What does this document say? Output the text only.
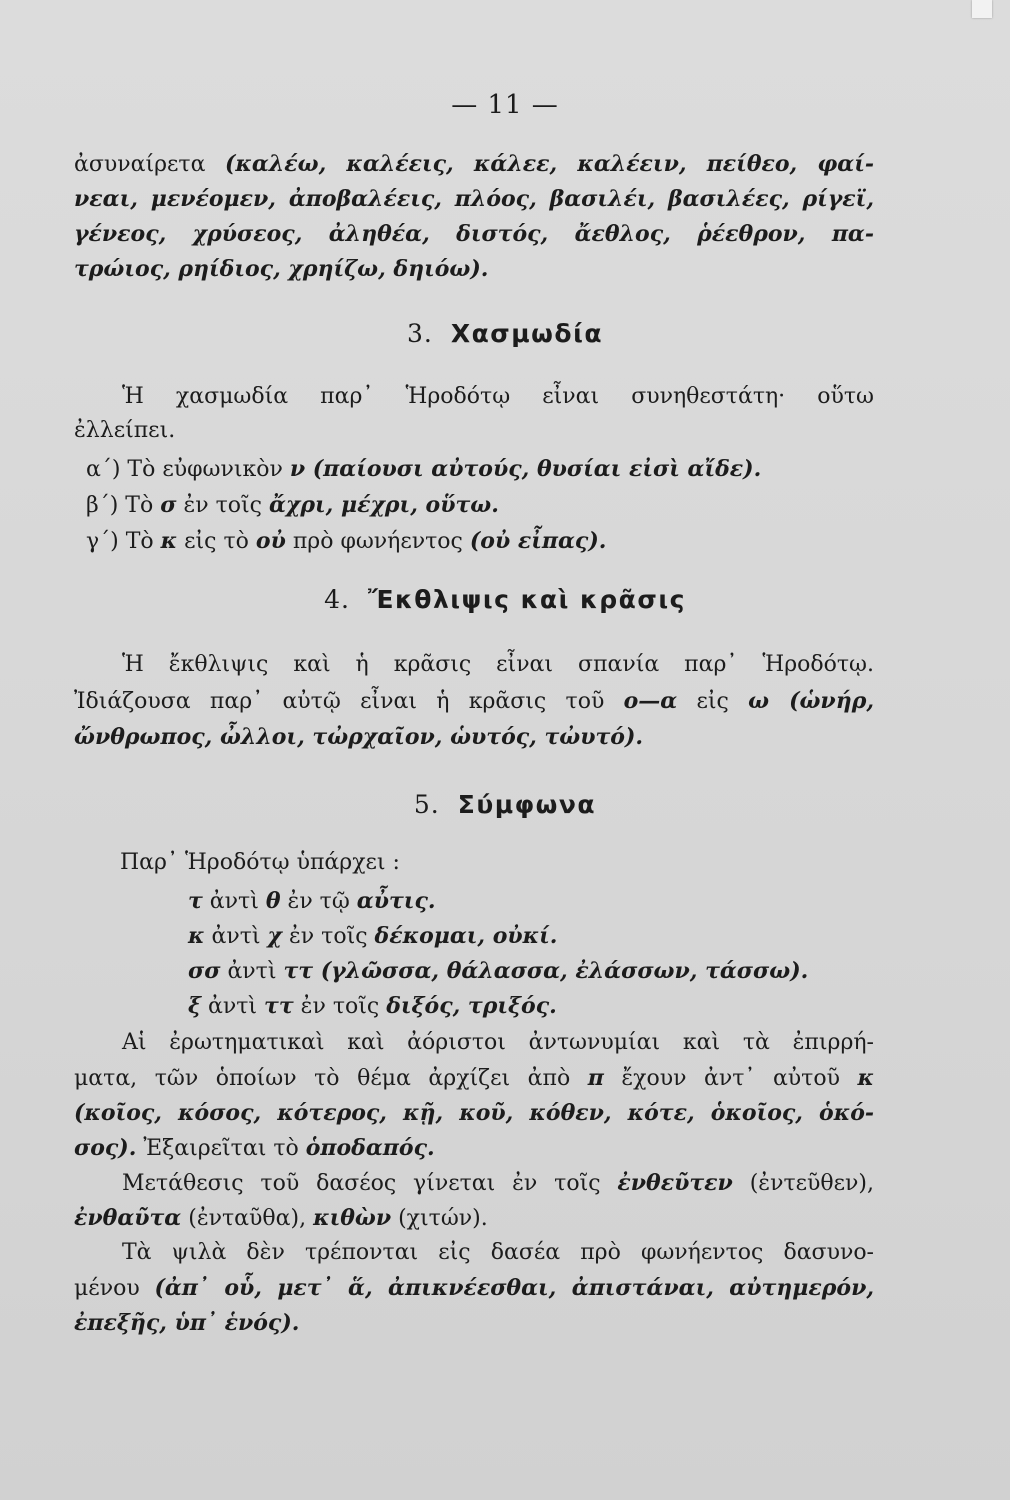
— 11 —
ἀσυναίρετα (καλέω, καλέεις, κάλεε, καλέειν, πείθεο, φαί-
νεαι, μενέομεν, ἀποβαλέεις, πλόος, βασιλέι, βασιλέες, ρίγεϊ,
γένεος, χρύσεος, ἀληθέα, διστός, ἄεθλος, ῥέεθρον, πα-
τρώιος, ρηίδιος, χρηίζω, δηιόω).
3. Χασμωδία
Ἡ χασμωδία παρ᾽ Ἡροδότῳ εἶναι συνηθεστάτη· οὕτω
ἐλλείπει.
α΄) Τὸ εὐφωνικὸν ν (παίουσι αὐτούς, θυσίαι εἰσὶ αἴδε).
β΄) Τὸ σ ἐν τοῖς ἄχρι, μέχρι, οὕτω.
γ΄) Τὸ κ εἰς τὸ οὐ πρὸ φωνήεντος (οὐ εἶπας).
4. Ἔκθλιψις καὶ κρᾶσις
Ἡ ἔκθλιψις καὶ ἡ κρᾶσις εἶναι σπανία παρ᾽ Ἡροδότῳ.
Ἰδιάζουσα παρ᾽ αὐτῷ εἶναι ἡ κρᾶσις τοῦ ο—α εἰς ω (ὡνήρ,
ὤνθρωπος, ὦλλοι, τὠρχαῖον, ὡυτός, τὠυτό).
5. Σύμφωνα
Παρ᾽ Ἡροδότῳ ὑπάρχει :
τ ἀντὶ θ ἐν τῷ αὖτις.
κ ἀντὶ χ ἐν τοῖς δέκομαι, οὐκί.
σσ ἀντὶ ττ (γλῶσσα, θάλασσα, ἐλάσσων, τάσσω).
ξ ἀντὶ ττ ἐν τοῖς διξός, τριξός.
Αἱ ἐρωτηματικαὶ καὶ ἀόριστοι ἀντωνυμίαι καὶ τὰ ἐπιρρή-
ματα, τῶν ὁποίων τὸ θέμα ἀρχίζει ἀπὸ π ἔχουν ἀντ᾽ αὐτοῦ κ
(κοῖος, κόσος, κότερος, κῇ, κοῦ, κόθεν, κότε, ὁκοῖος, ὁκό-
σος). Ἐξαιρεῖται τὸ ὁποδαπός.
Μετάθεσις τοῦ δασέος γίνεται ἐν τοῖς ἐνθεῦτεν (ἐντεῦθεν),
ἐνθαῦτα (ἐνταῦθα), κιθὼν (χιτών).
Τὰ ψιλὰ δὲν τρέπονται εἰς δασέα πρὸ φωνήεντος δασυνο-
μένου (ἀπ᾽ οὗ, μετ᾽ ἅ, ἀπικνέεσθαι, ἀπιστάναι, αὐτημερόν,
ἐπεξῆς, ὑπ᾽ ἑνός).
